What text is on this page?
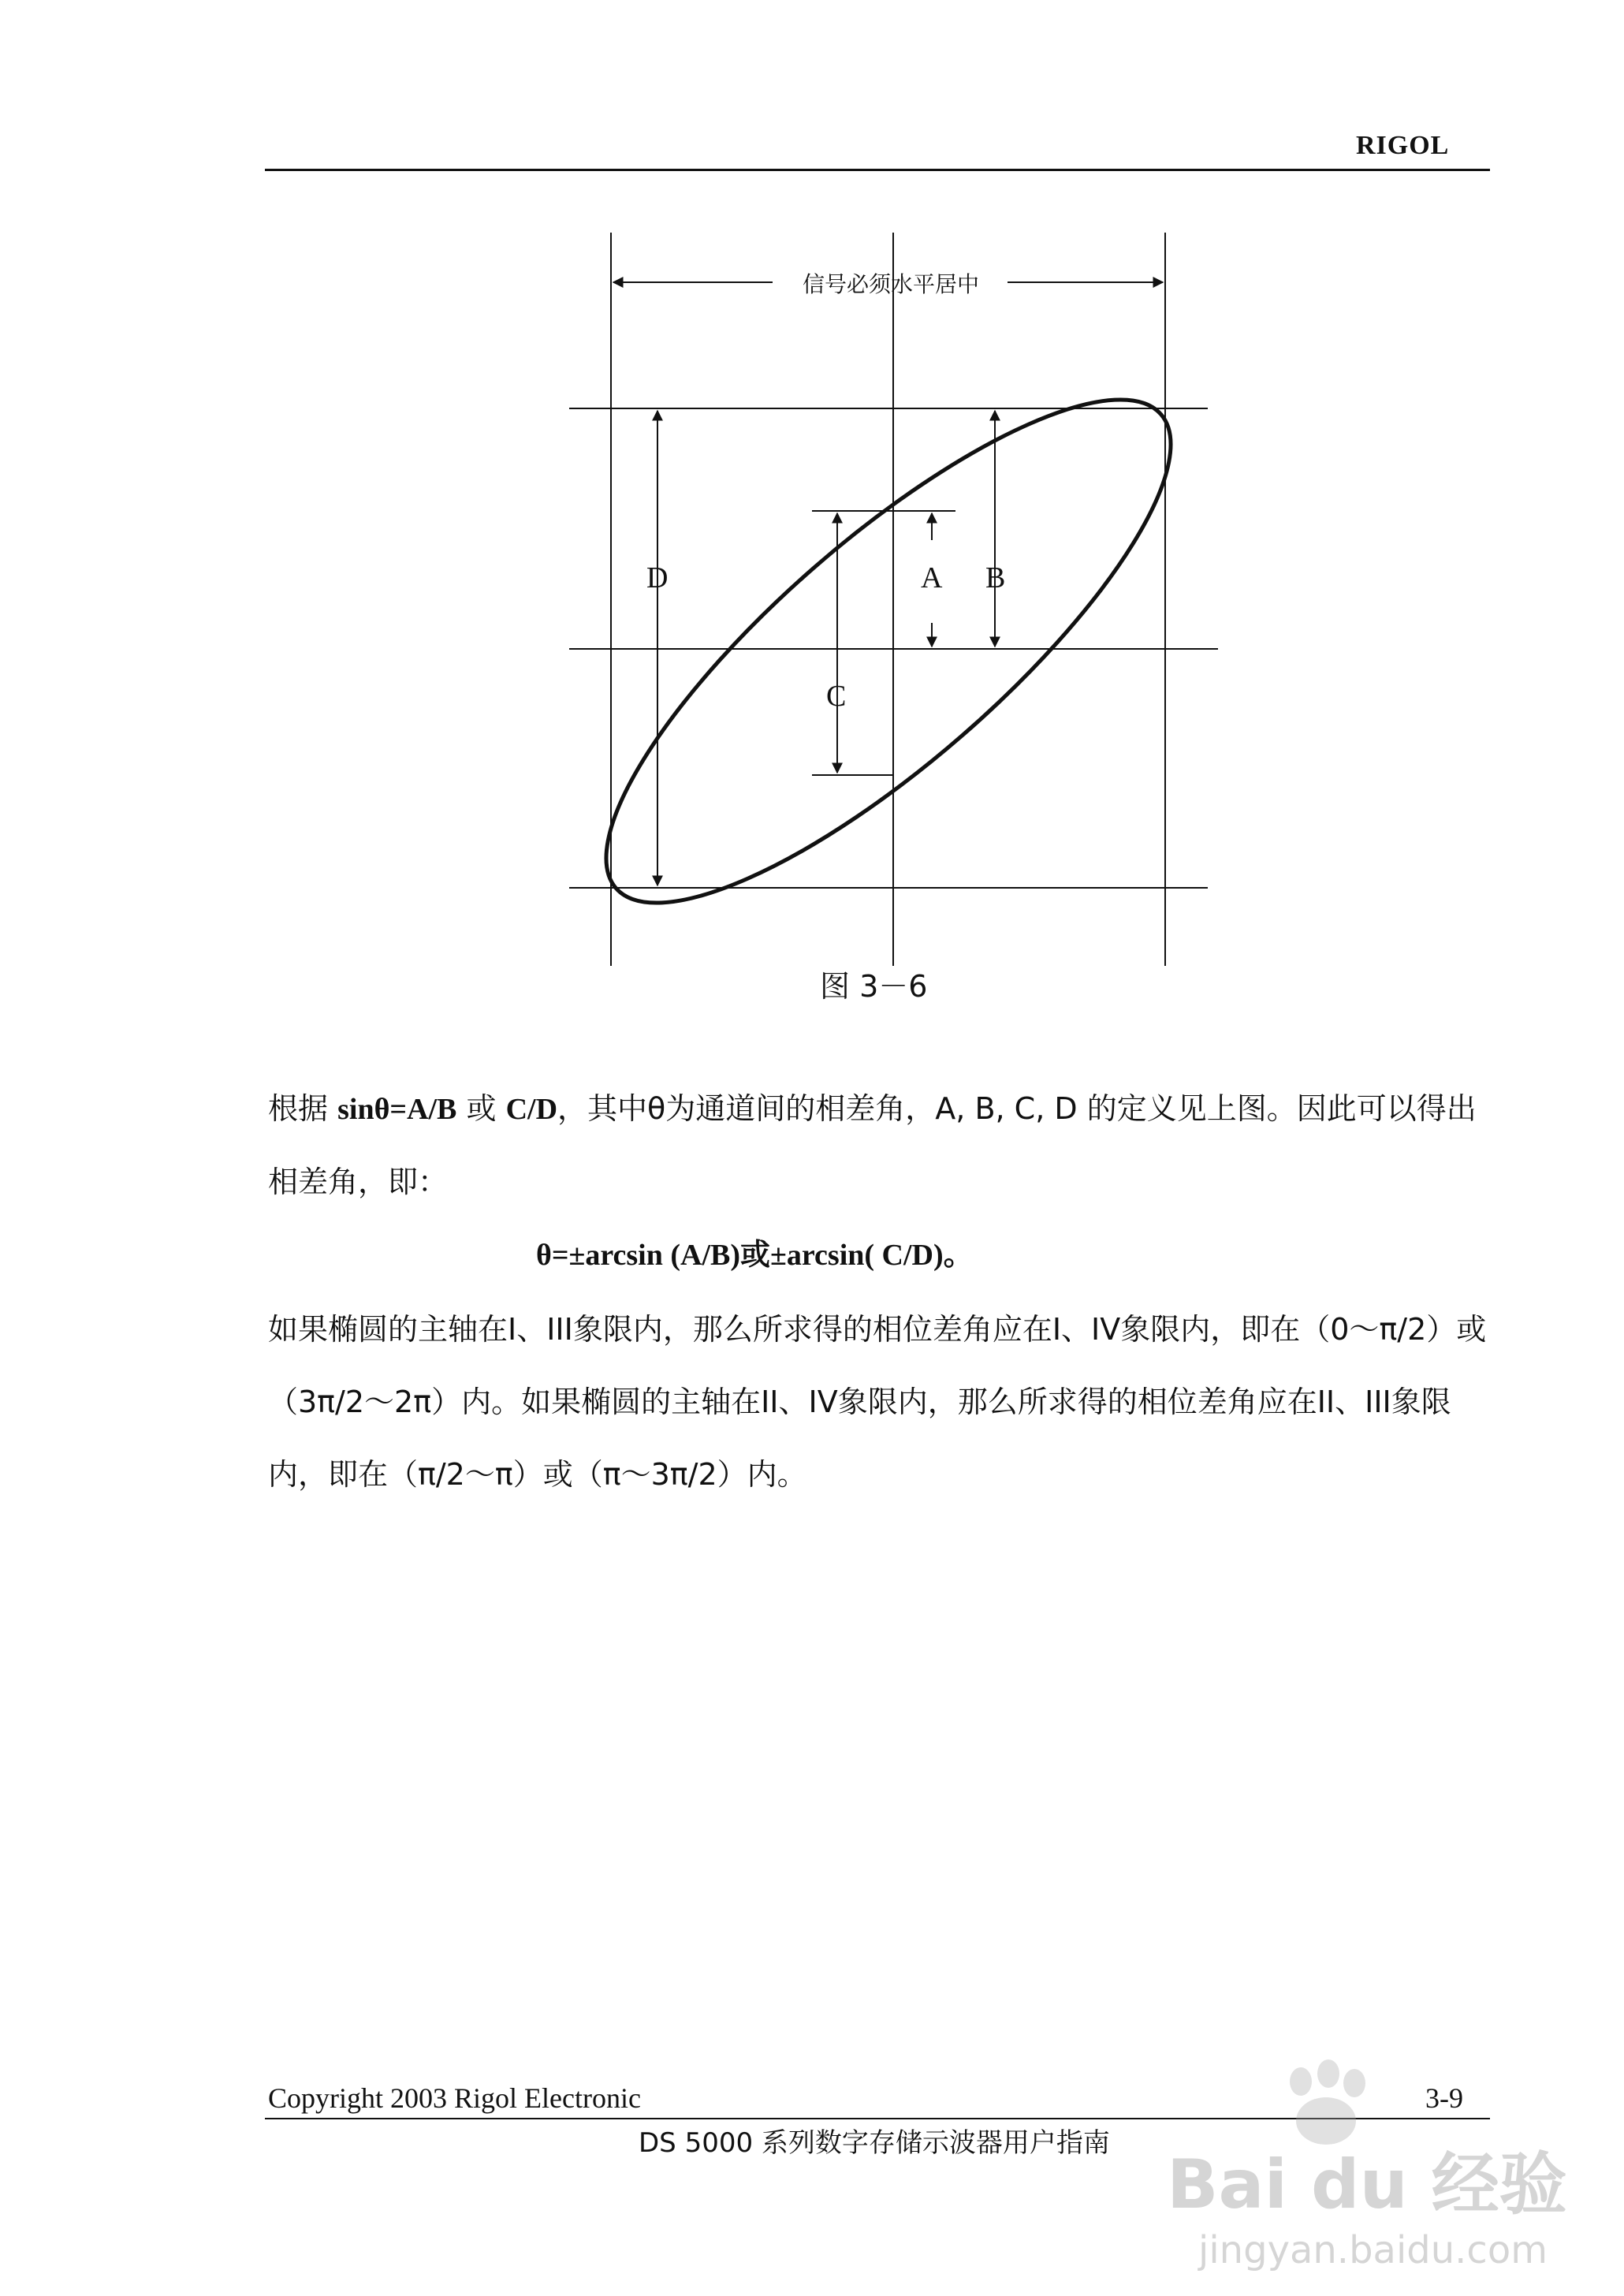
RIGOL
信号必须水平居中
D	A B
C
图 3－6
根据 sinθ=A/B 或 C/D，其中θ为通道间的相差角，A, B, C, D 的定义见上图。因此可以得出相差角，即：
θ=±arcsin (A/B)或±arcsin( C/D)。
如果椭圆的主轴在I、III象限内，那么所求得的相位差角应在I、IV象限内，即在（0～π/2）或（3π/2～2π）内。如果椭圆的主轴在II、IV象限内，那么所求得的相位差角应在II、III象限内，即在（π/2～π）或（π～3π/2）内。
Copyright 2003 Rigol Electronic	3-9
DS 5000 系列数字存储示波器用户指南
Bai du 经验
jingyan.baidu.com
